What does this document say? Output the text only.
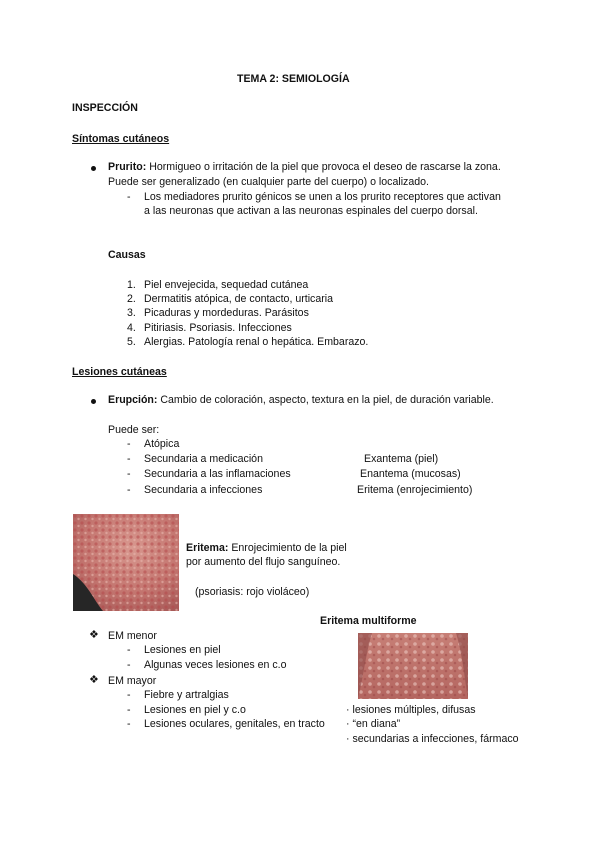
TEMA 2: SEMIOLOGÍA
INSPECCIÓN
Síntomas cutáneos
Prurito: Hormigueo o irritación de la piel que provoca el deseo de rascarse la zona.
Puede ser generalizado (en cualquier parte del cuerpo) o localizado.
- Los mediadores prurito génicos se unen a los prurito receptores que activan
a las neuronas que activan a las neuronas espinales del cuerpo dorsal.
Causas
1. Piel envejecida, sequedad cutánea
2. Dermatitis atópica, de contacto, urticaria
3. Picaduras y mordeduras. Parásitos
4. Pitiriasis. Psoriasis. Infecciones
5. Alergias. Patología renal o hepática. Embarazo.
Lesiones cutáneas
Erupción: Cambio de coloración, aspecto, textura en la piel, de duración variable.
Puede ser:
- Atópica
- Secundaria a medicación	Exantema (piel)
- Secundaria a las inflamaciones	Enantema (mucosas)
- Secundaria a infecciones	Eritema (enrojecimiento)
Eritema: Enrojecimiento de la piel
por aumento del flujo sanguíneo.
(psoriasis: rojo violáceo)
Eritema multiforme
❖ EM menor
- Lesiones en piel
- Algunas veces lesiones en c.o
❖ EM mayor
- Fiebre y artralgias
- Lesiones en piel y c.o
- Lesiones oculares, genitales, en tracto
· lesiones múltiples, difusas
· “en diana”
· secundarias a infecciones, fármaco
